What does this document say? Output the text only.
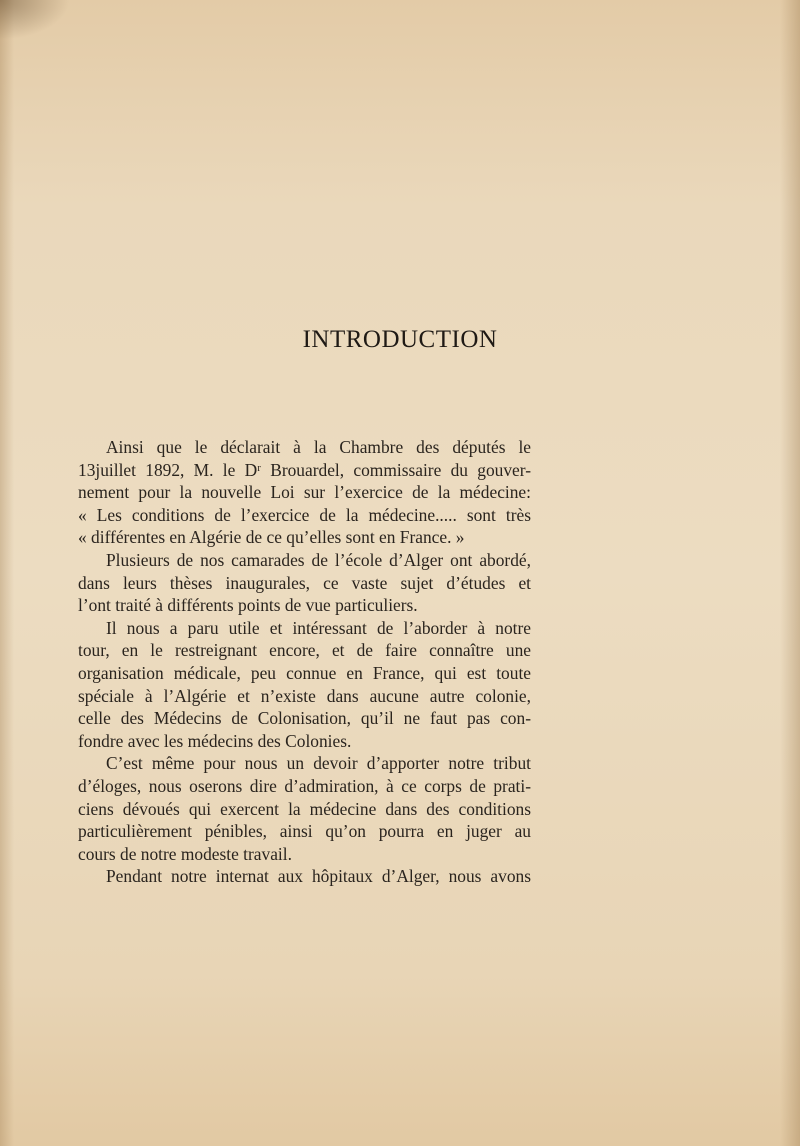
INTRODUCTION
Ainsi que le déclarait à la Chambre des députés le
13juillet 1892, M. le Dʳ Brouardel, commissaire du gouver-
nement pour la nouvelle Loi sur l’exercice de la médecine:
« Les conditions de l’exercice de la médecine..... sont très
« différentes en Algérie de ce qu’elles sont en France. »
Plusieurs de nos camarades de l’école d’Alger ont abordé,
dans leurs thèses inaugurales, ce vaste sujet d’études et
l’ont traité à différents points de vue particuliers.
Il nous a paru utile et intéressant de l’aborder à notre
tour, en le restreignant encore, et de faire connaître une
organisation médicale, peu connue en France, qui est toute
spéciale à l’Algérie et n’existe dans aucune autre colonie,
celle des Médecins de Colonisation, qu’il ne faut pas con-
fondre avec les médecins des Colonies.
C’est même pour nous un devoir d’apporter notre tribut
d’éloges, nous oserons dire d’admiration, à ce corps de prati-
ciens dévoués qui exercent la médecine dans des conditions
particulièrement pénibles, ainsi qu’on pourra en juger au
cours de notre modeste travail.
Pendant notre internat aux hôpitaux d’Alger, nous avons
